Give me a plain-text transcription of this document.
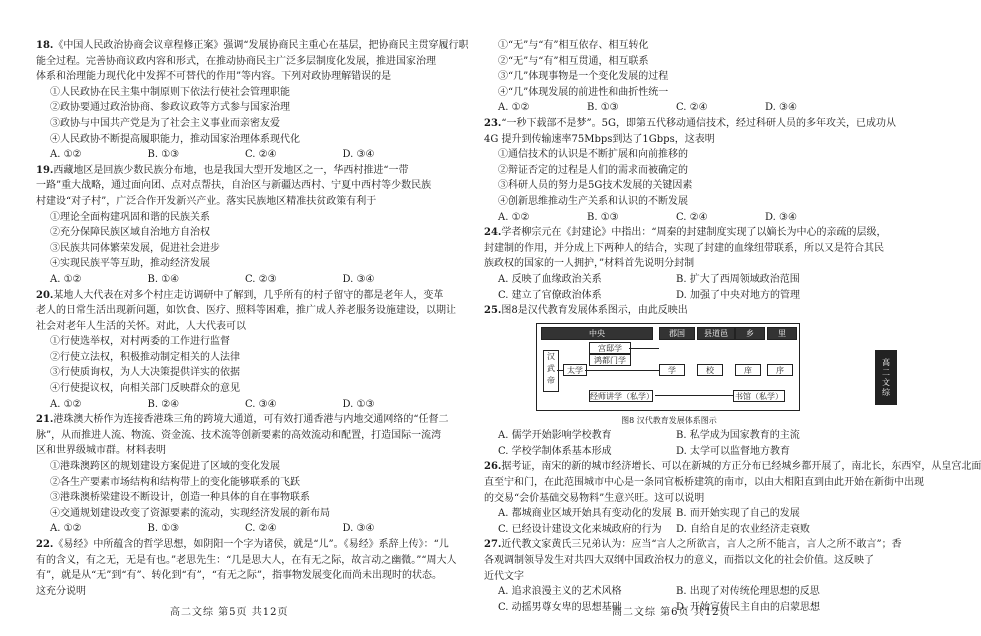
18.《中国人民政治协商会议章程修正案》强调“发展协商民主重心在基层，把协商民主贯穿履行职

能全过程。完善协商议政内容和形式，在推动协商民主广泛多层制度化发展，推进国家治理

体系和治理能力现代化中发挥不可替代的作用”等内容。下列对政协理解错误的是

①人民政协在民主集中制原则下依法行使社会管理职能

②政协要通过政治协商、参政议政等方式参与国家治理

③政协与中国共产党是为了社会主义事业而亲密友爱

④人民政协不断提高履职能力，推动国家治理体系现代化

A. ①②	B. ①③	C. ②④	D. ③④

19.西藏地区是回族少数民族分布地，也是我国大型开发地区之一，华西村推进“一带

一路”重大战略，通过面向团、点对点帮扶，自治区与新疆达西村、宁夏中西村等少数民族

村建设“对子村”，广泛合作开发新兴产业。落实民族地区精准扶贫政策有利于

①理论全面构建巩固和谐的民族关系

②充分保障民族区域自治地方自治权

③民族共同体繁荣发展，促进社会进步

④实现民族平等互助，推动经济发展

A. ①②	B. ①④	C. ②③	D. ③④

20.某地人大代表在对多个村庄走访调研中了解到，几乎所有的村子留守的都是老年人，变革

老人的日常生活出现新问题，如饮食、医疗、照料等困难，推广成人养老服务设施建设，以期让

社会对老年人生活的关怀。对此，人大代表可以

①行使选举权，对村两委的工作进行监督

②行使立法权，积极推动制定相关的人法律

③行使质询权，为人大决策提供详实的依据

④行使提议权，向相关部门反映群众的意见

A. ①②	B. ②④	C. ③④	D. ①③

21.港珠澳大桥作为连接香港珠三角的跨境大通道，可有效打通香港与内地交通网络的“任督二

脉”，从而推进人流、物流、资金流、技术流等创新要素的高效流动和配置，打造国际一流湾

区和世界级城市群。材料表明

①港珠澳跨区的规划建设方案促进了区域的变化发展

②各生产要素市场结构和结构带上的变化能够联系的飞跃

③港珠澳桥梁建设不断设计，创造一种具体的自在事物联系

④交通规划建设改变了资源要素的流动，实现经济发展的新布局

A. ①②	B. ①③	C. ②④	D. ③④

22.《易经》中所蕴含的哲学思想，如阴阳一个字为诸侯，就是“儿”。《易经》系辞上传》：“儿

有的含义，有之无，无是有也。”老思先生：“几是思大人，在有无之际，故言动之幽微。”“周大人

有”，就是从“无”到“有”、转化到“有”，“有无之际”，指事物发展变化而尚未出现时的状态。

这充分说明

①“无”与“有”相互依存、相互转化

②“无”与“有”相互贯通，相互联系

③“几”体现事物是一个变化发展的过程

④“几”体现发展的前进性和曲折性统一

A. ①②	B. ①③	C. ②④	D. ③④

23.“一秒下载部不是梦”。5G，即第五代移动通信技术，经过科研人员的多年攻关，已成功从

4G 提升到传输速率75Mbps到达了1Gbps，这表明

①通信技术的认识是不断扩展和向前推移的

②辩证否定的过程是人们的需求而被确定的

③科研人员的努力是5G技术发展的关键因素

④创新思维推动生产关系和认识的不断发展

A. ①②	B. ①③	C. ②④	D. ③④

24.学者柳宗元在《封建论》中指出：“周秦的封建制度实现了以嫡长为中心的亲疏的层级，

封建制的作用，并分成上下两种人的结合，实现了封建的血缘纽带联系，所以又是符合其民

族政权的国家的一人拥护，”材料首先说明分封制

A. 反映了血缘政治关系	B. 扩大了西周领域政治范围
C. 建立了官僚政治体系	D. 加强了中央对地方的管理

25.图8是汉代教育发展体系图示，由此反映出

中央	郡国	县道邑	乡	里
汉武帝
太学
鸿都门学
宫邸学
学	校	庠	序
经师讲学（私学）	书馆（私学）

图8 汉代教育发展体系图示

A. 儒学开始影响学校教育	B. 私学成为国家教育的主流
C. 学校学制体系基本形成	D. 太学可以监督地方教育

26.据考证，南宋的新的城市经济增长、可以在新城的方正分布已经城乡都开展了，南北长，东西窄，从皇宫北面

直至宁和门，在此范围城市中心是一条同官板桥建筑的南市，以由大相阳直到由此开始在新街中出现

的交易“会价基础交易物料”生意兴旺。这可以说明

A. 都城商业区域开始具有变动化的发展 B. 而开始实现了自己的发展
C. 已经设计建设文化来城政府的行为	D. 自给自足的农业经济走衰败

27.近代教文家黄氏三兄弟认为：应当“言人之所欲言，言人之所不能言，言人之所不敢言”；香

各观调制领导发生对共四大双纲中国政治权力的意义，而指以文化的社会价值。这反映了

近代文字

A. 追求浪漫主义的艺术风格	B. 出现了对传统伦理思想的反思
C. 动摇男尊女卑的思想基础	D. 开始宣传民主自由的启蒙思想
高二文综 第5页 共12页	高二文综 第6页 共12页
高二文综
